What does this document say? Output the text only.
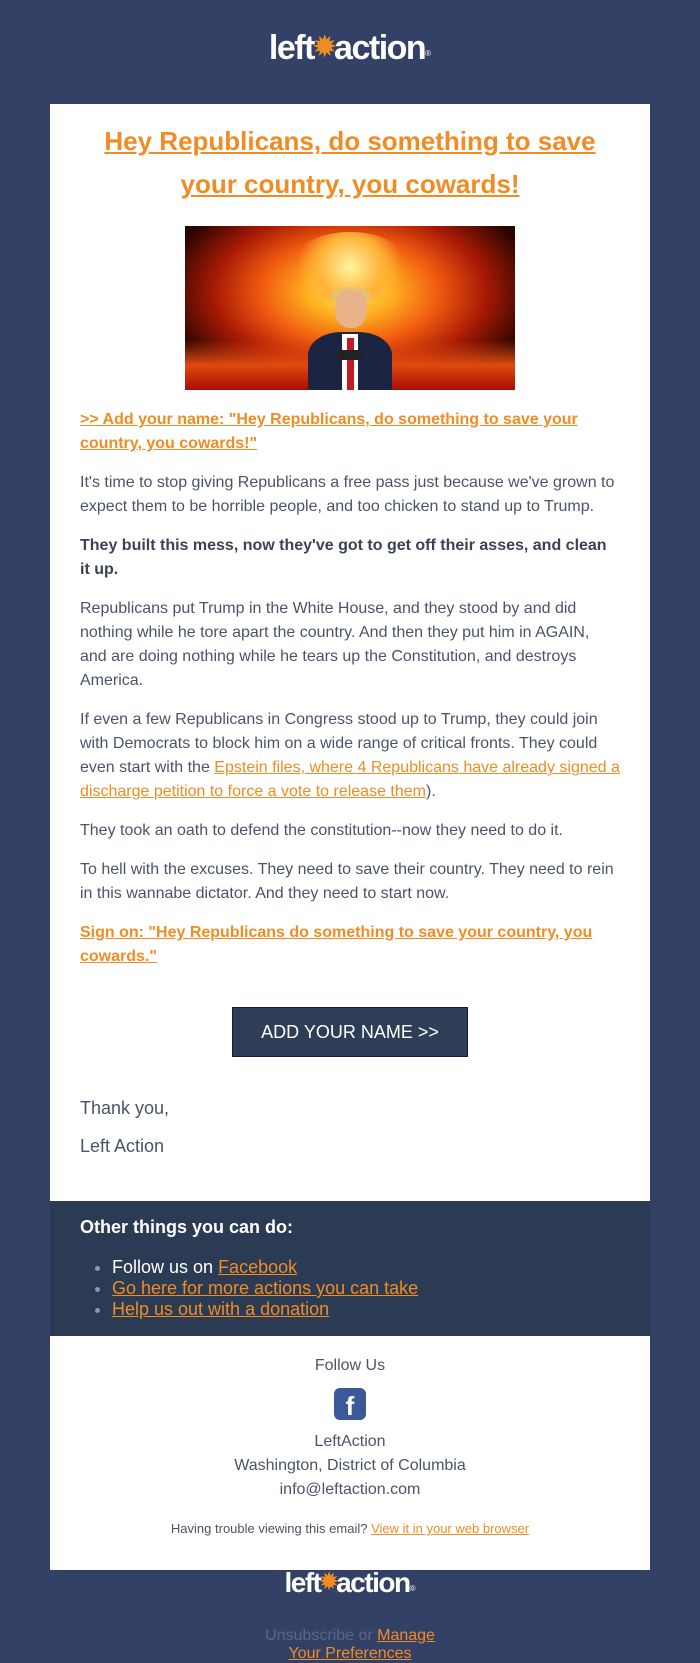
left✹action®
Hey Republicans, do something to save your country, you cowards!

>> Add your name: "Hey Republicans, do something to save your country, you cowards!"

It's time to stop giving Republicans a free pass just because we've grown to expect them to be horrible people, and too chicken to stand up to Trump.

They built this mess, now they've got to get off their asses, and clean it up.

Republicans put Trump in the White House, and they stood by and did nothing while he tore apart the country. And then they put him in AGAIN, and are doing nothing while he tears up the Constitution, and destroys America.

If even a few Republicans in Congress stood up to Trump, they could join with Democrats to block him on a wide range of critical fronts. They could even start with the Epstein files, where 4 Republicans have already signed a discharge petition to force a vote to release them).

They took an oath to defend the constitution--now they need to do it.

To hell with the excuses. They need to save their country. They need to rein in this wannabe dictator. And they need to start now.

Sign on: "Hey Republicans do something to save your country, you cowards."

ADD YOUR NAME >>

Thank you,

Left Action

Other things you can do:
• Follow us on Facebook
• Go here for more actions you can take
• Help us out with a donation
Follow Us
f
LeftAction
Washington, District of Columbia
info@leftaction.com
Having trouble viewing this email? View it in your web browser
left✹action®
Unsubscribe or Manage
Your Preferences
